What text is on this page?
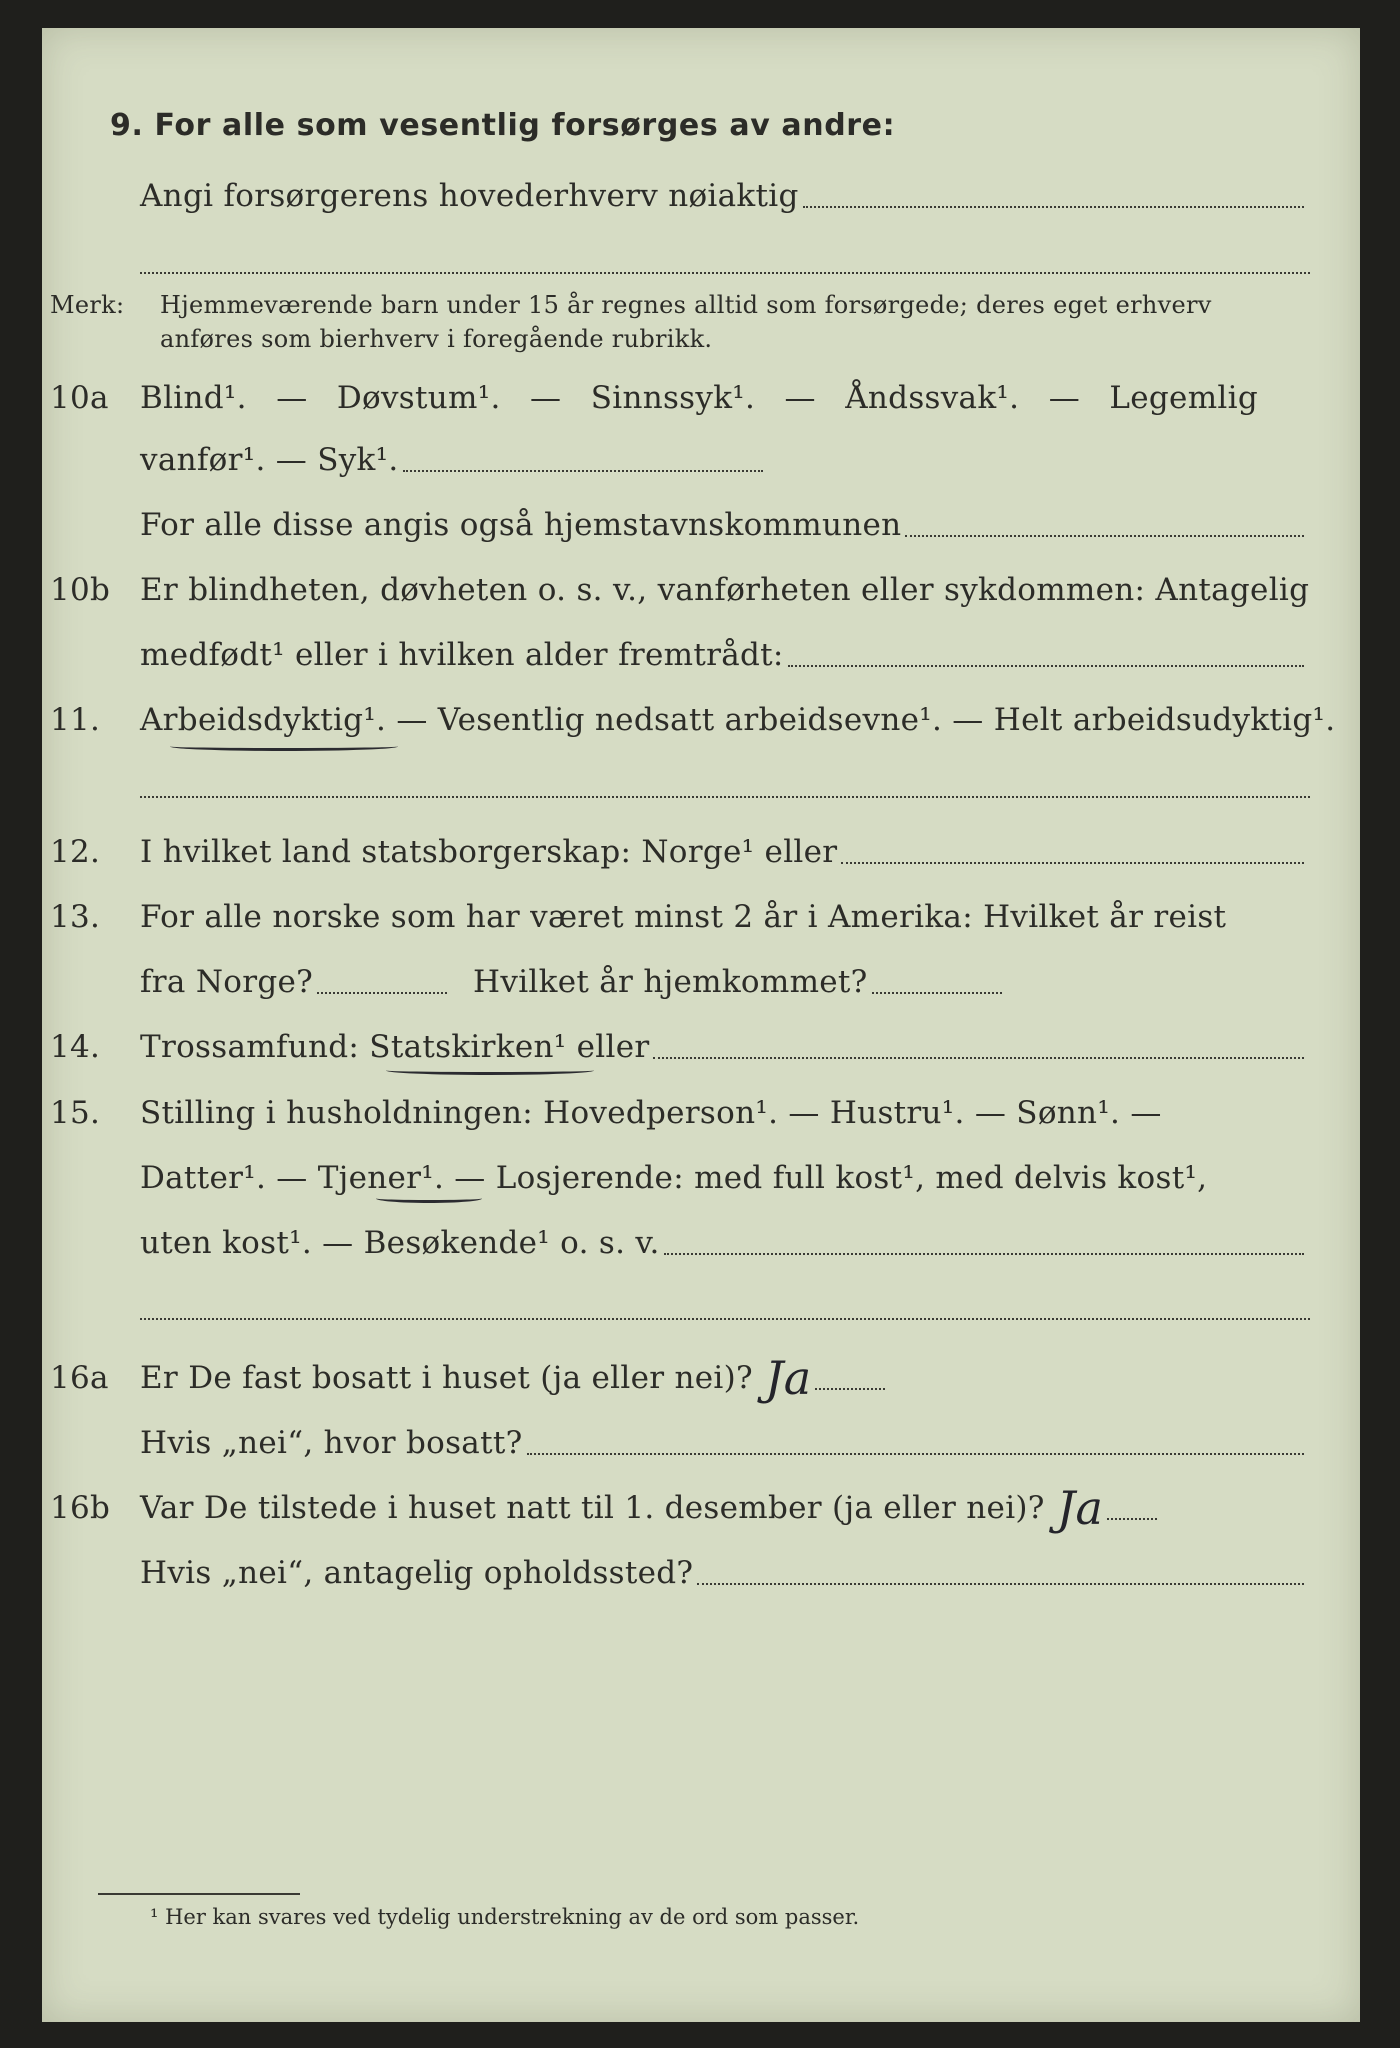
9. For alle som vesentlig forsørges av andre:
Angi forsørgerens hovederhverv nøiaktig
Merk:	Hjemmeværende barn under 15 år regnes alltid som forsørgede; deres eget erhverv
anføres som bierhverv i foregående rubrikk.
10a	Blind¹. — Døvstum¹. — Sinnssyk¹. — Åndssvak¹. — Legemlig
vanfør¹. — Syk¹.
For alle disse angis også hjemstavnskommunen
10b Er blindheten, døvheten o. s. v., vanførheten eller sykdommen: Antagelig
medfødt¹ eller i hvilken alder fremtrådt:
11.	Arbeidsdyktig¹. — Vesentlig nedsatt arbeidsevne¹. — Helt arbeidsudyktig¹.
12.	I hvilket land statsborgerskap: Norge¹ eller
13.	For alle norske som har været minst 2 år i Amerika: Hvilket år reist
fra Norge?	Hvilket år hjemkommet?
14.	Trossamfund: Statskirken¹ eller
15.	Stilling i husholdningen: Hovedperson¹. — Hustru¹. — Sønn¹. —
Datter¹. — Tjener¹. — Losjerende: med full kost¹, med delvis kost¹,
uten kost¹. — Besøkende¹ o. s. v.
16a	Er De fast bosatt i huset (ja eller nei)? Ja
Hvis „nei“, hvor bosatt?
16b Var De tilstede i huset natt til 1. desember (ja eller nei)? Ja
Hvis „nei“, antagelig opholdssted?
¹ Her kan svares ved tydelig understrekning av de ord som passer.
